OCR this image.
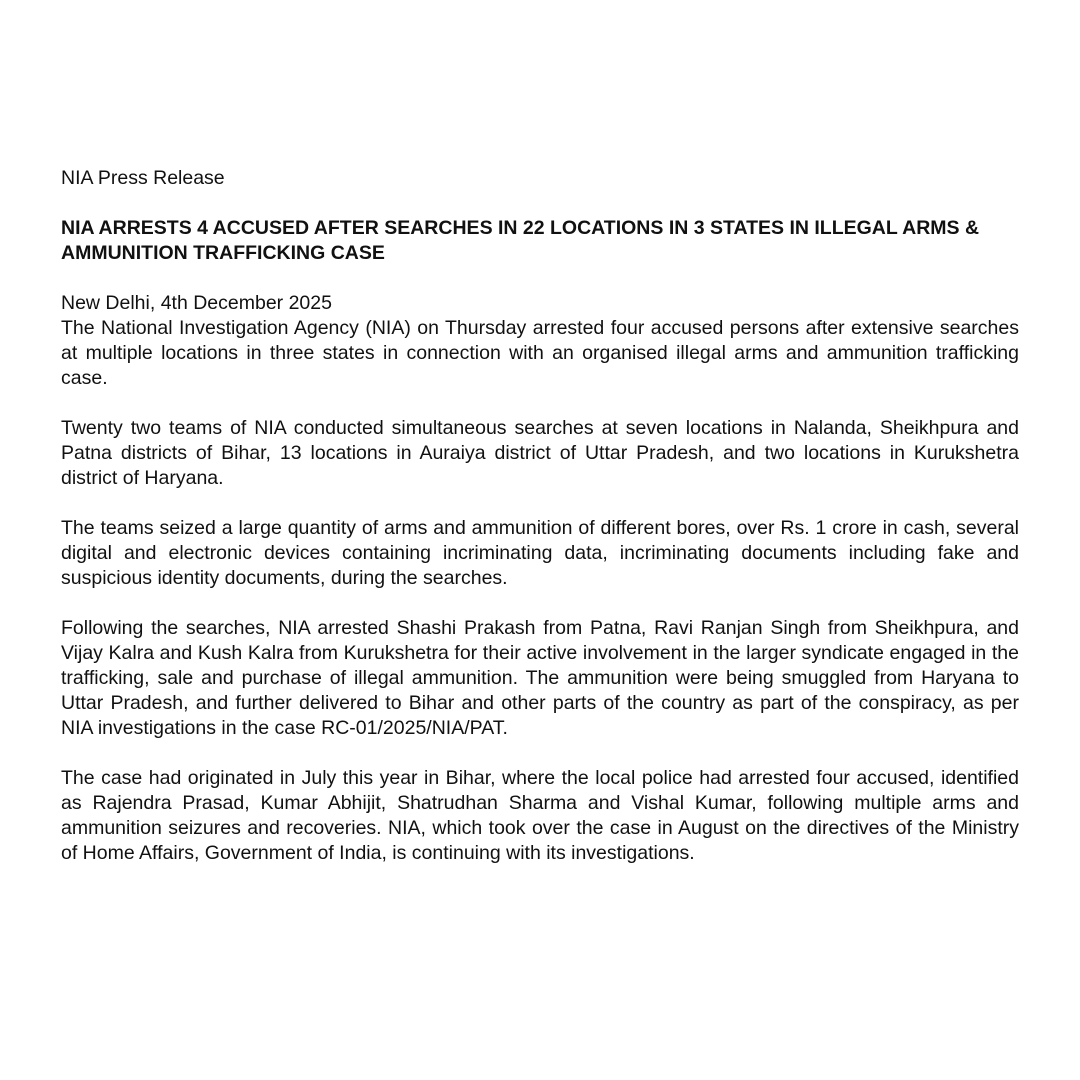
NIA Press Release

NIA ARRESTS 4 ACCUSED AFTER SEARCHES IN 22 LOCATIONS IN 3 STATES IN ILLEGAL ARMS & AMMUNITION TRAFFICKING CASE

New Delhi, 4th December 2025

The National Investigation Agency (NIA) on Thursday arrested four accused persons after extensive searches at multiple locations in three states in connection with an organised illegal arms and ammunition trafficking case.

Twenty two teams of NIA conducted simultaneous searches at seven locations in Nalanda, Sheikhpura and Patna districts of Bihar, 13 locations in Auraiya district of Uttar Pradesh, and two locations in Kurukshetra district of Haryana.

The teams seized a large quantity of arms and ammunition of different bores, over Rs. 1 crore in cash, several digital and electronic devices containing incriminating data, incriminating documents including fake and suspicious identity documents, during the searches.

Following the searches, NIA arrested Shashi Prakash from Patna, Ravi Ranjan Singh from Sheikhpura, and Vijay Kalra and Kush Kalra from Kurukshetra for their active involvement in the larger syndicate engaged in the trafficking, sale and purchase of illegal ammunition. The ammunition were being smuggled from Haryana to Uttar Pradesh, and further delivered to Bihar and other parts of the country as part of the conspiracy, as per NIA investigations in the case RC-01/2025/NIA/PAT.

The case had originated in July this year in Bihar, where the local police had arrested four accused, identified as Rajendra Prasad, Kumar Abhijit, Shatrudhan Sharma and Vishal Kumar, following multiple arms and ammunition seizures and recoveries. NIA, which took over the case in August on the directives of the Ministry of Home Affairs, Government of India, is continuing with its investigations.
